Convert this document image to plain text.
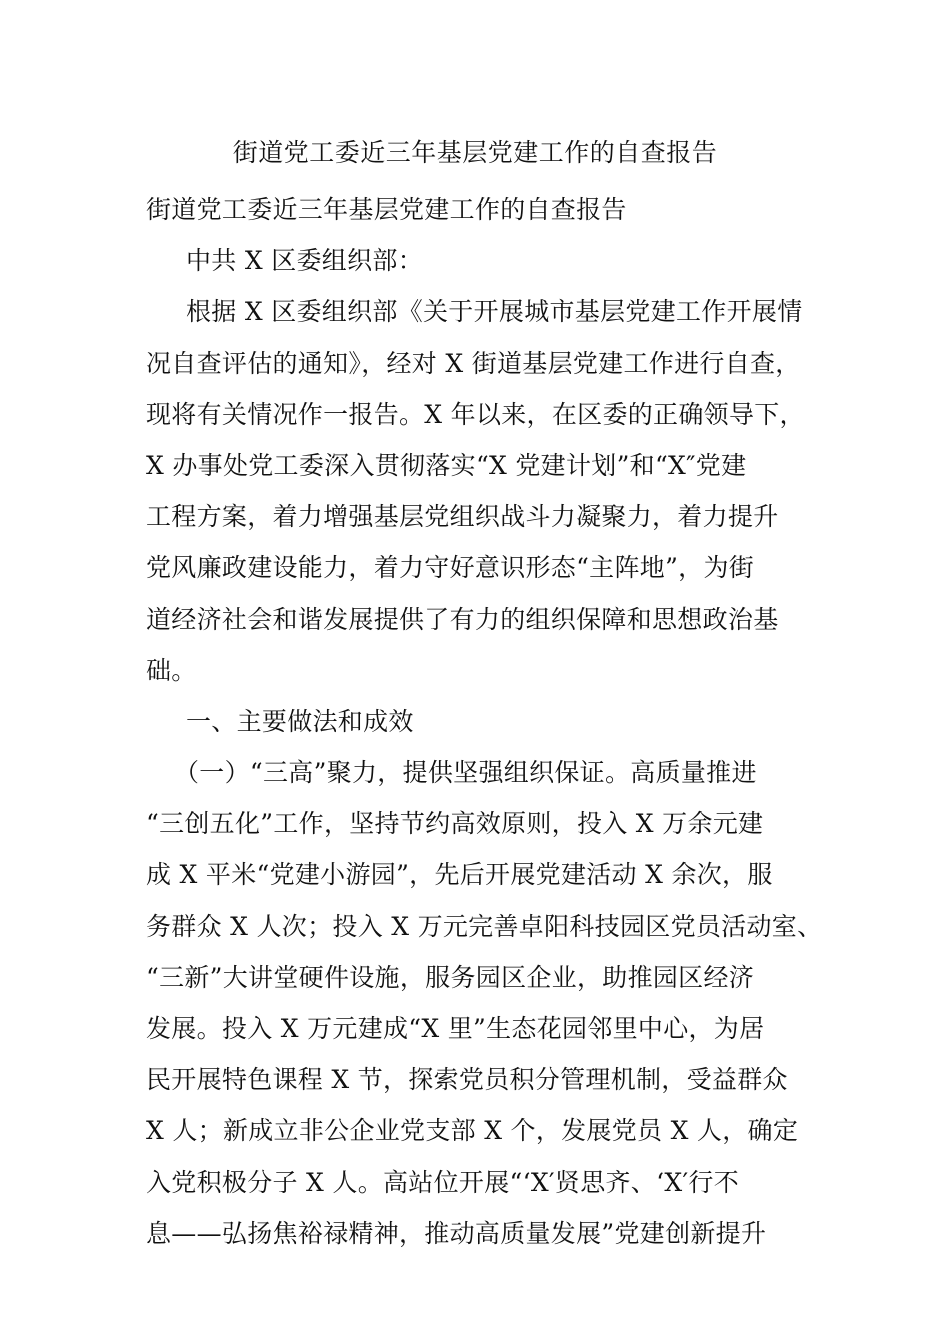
街道党工委近三年基层党建工作的自查报告
街道党工委近三年基层党建工作的自查报告
中共 X 区委组织部：
根据 X 区委组织部《关于开展城市基层党建工作开展情
况自查评估的通知》，经对 X 街道基层党建工作进行自查，
现将有关情况作一报告。X 年以来，在区委的正确领导下，
X 办事处党工委深入贯彻落实“X 党建计划”和“X″党建
工程方案，着力增强基层党组织战斗力凝聚力，着力提升
党风廉政建设能力，着力守好意识形态“主阵地”，为街
道经济社会和谐发展提供了有力的组织保障和思想政治基
础。
一、主要做法和成效
（一）“三高”聚力，提供坚强组织保证。高质量推进
“三创五化”工作，坚持节约高效原则，投入 X 万余元建
成 X 平米“党建小游园”，先后开展党建活动 X 余次，服
务群众 X 人次；投入 X 万元完善卓阳科技园区党员活动室、
“三新”大讲堂硬件设施，服务园区企业，助推园区经济
发展。投入 X 万元建成“X 里”生态花园邻里中心，为居
民开展特色课程 X 节，探索党员积分管理机制，受益群众
X 人；新成立非公企业党支部 X 个，发展党员 X 人，确定
入党积极分子 X 人。高站位开展“‘X′贤思齐、‘X′行不
息——弘扬焦裕禄精神，推动高质量发展”党建创新提升
